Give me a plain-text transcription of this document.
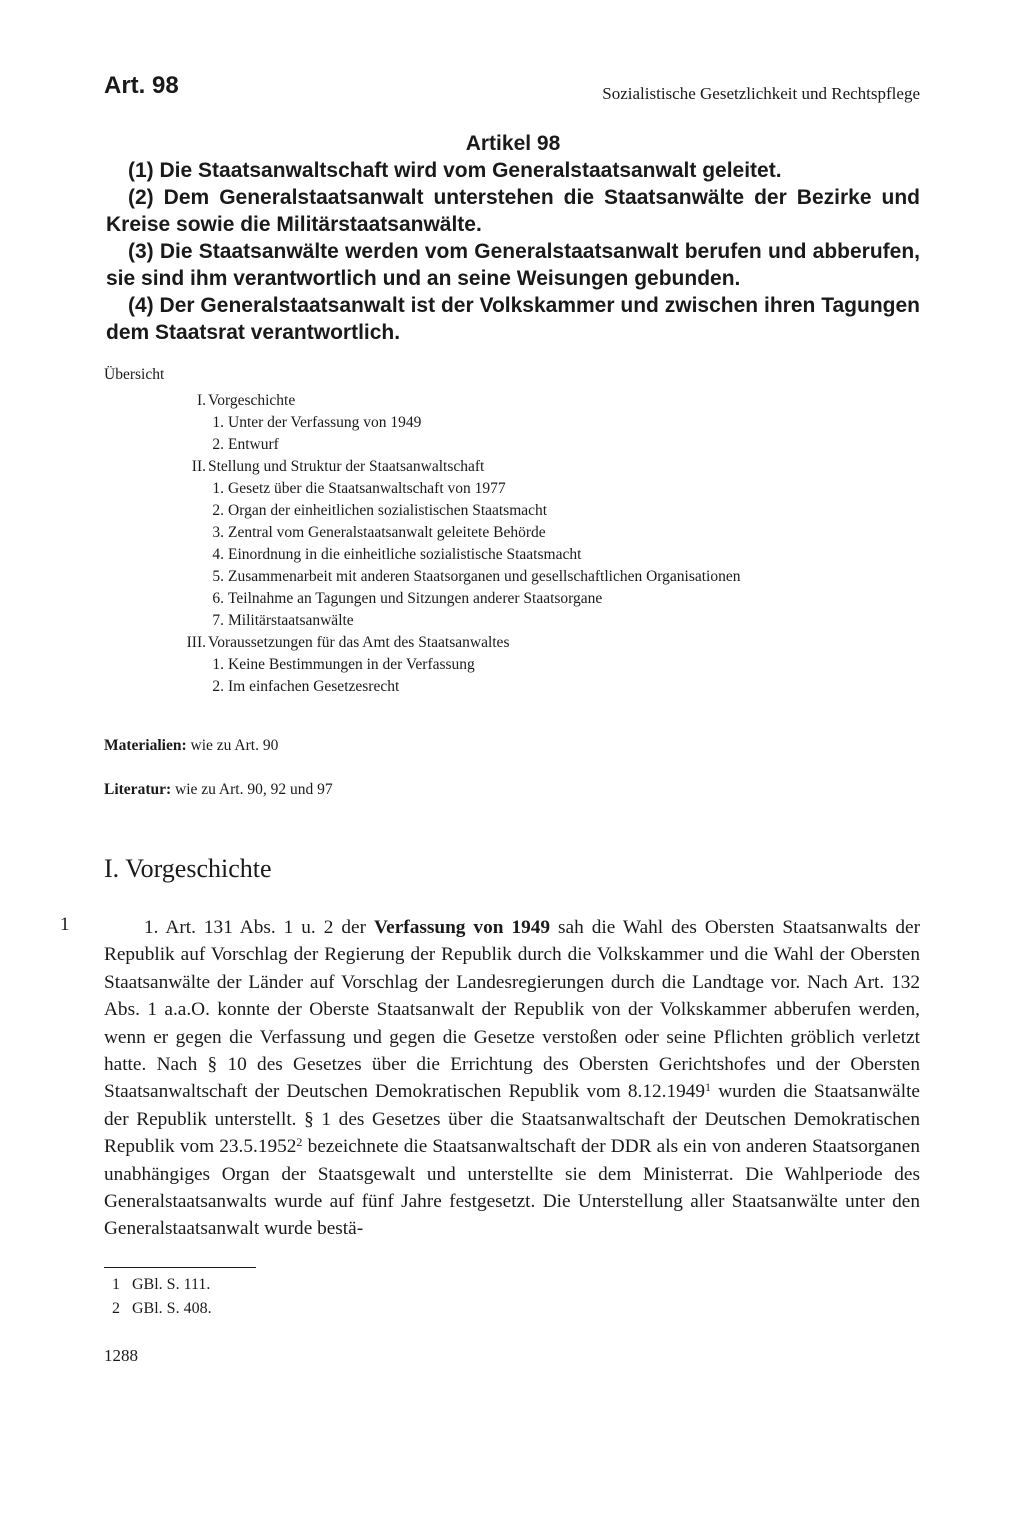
Art. 98	Sozialistische Gesetzlichkeit und Rechtspflege
Artikel 98

(1) Die Staatsanwaltschaft wird vom Generalstaatsanwalt geleitet.

(2) Dem Generalstaatsanwalt unterstehen die Staatsanwälte der Bezirke und Kreise sowie die Militärstaatsanwälte.

(3) Die Staatsanwälte werden vom Generalstaatsanwalt berufen und abberufen, sie sind ihm verantwortlich und an seine Weisungen gebunden.

(4) Der Generalstaatsanwalt ist der Volkskammer und zwischen ihren Tagungen dem Staatsrat verantwortlich.

Übersicht
I. Vorgeschichte
1. Unter der Verfassung von 1949
2. Entwurf
II. Stellung und Struktur der Staatsanwaltschaft
1. Gesetz über die Staatsanwaltschaft von 1977
2. Organ der einheitlichen sozialistischen Staatsmacht
3. Zentral vom Generalstaatsanwalt geleitete Behörde
4. Einordnung in die einheitliche sozialistische Staatsmacht
5. Zusammenarbeit mit anderen Staatsorganen und gesellschaftlichen Organisationen
6. Teilnahme an Tagungen und Sitzungen anderer Staatsorgane
7. Militärstaatsanwälte
III. Voraussetzungen für das Amt des Staatsanwaltes
1. Keine Bestimmungen in der Verfassung
2. Im einfachen Gesetzesrecht
Materialien: wie zu Art. 90
Literatur: wie zu Art. 90, 92 und 97
I. Vorgeschichte
1	1. Art. 131 Abs. 1 u. 2 der Verfassung von 1949 sah die Wahl des Obersten Staatsanwalts der Republik auf Vorschlag der Regierung der Republik durch die Volkskammer und die Wahl der Obersten Staatsanwälte der Länder auf Vorschlag der Landesregierungen durch die Landtage vor. Nach Art. 132 Abs. 1 a.a.O. konnte der Oberste Staatsanwalt der Republik von der Volkskammer abberufen werden, wenn er gegen die Verfassung und gegen die Gesetze verstoßen oder seine Pflichten gröblich verletzt hatte. Nach § 10 des Gesetzes über die Errichtung des Obersten Gerichtshofes und der Obersten Staatsanwaltschaft der Deutschen Demokratischen Republik vom 8.12.1949$^1$ wurden die Staatsanwälte der Republik unterstellt. § 1 des Gesetzes über die Staatsanwaltschaft der Deutschen Demokratischen Republik vom 23.5.1952$^2$ bezeichnete die Staatsanwaltschaft der DDR als ein von anderen Staatsorganen unabhängiges Organ der Staatsgewalt und unterstellte sie dem Ministerrat. Die Wahlperiode des Generalstaatsanwalts wurde auf fünf Jahre festgesetzt. Die Unterstellung aller Staatsanwälte unter den Generalstaatsanwalt wurde bestä-

1 GBl. S. 111.
2 GBl. S. 408.
1288
